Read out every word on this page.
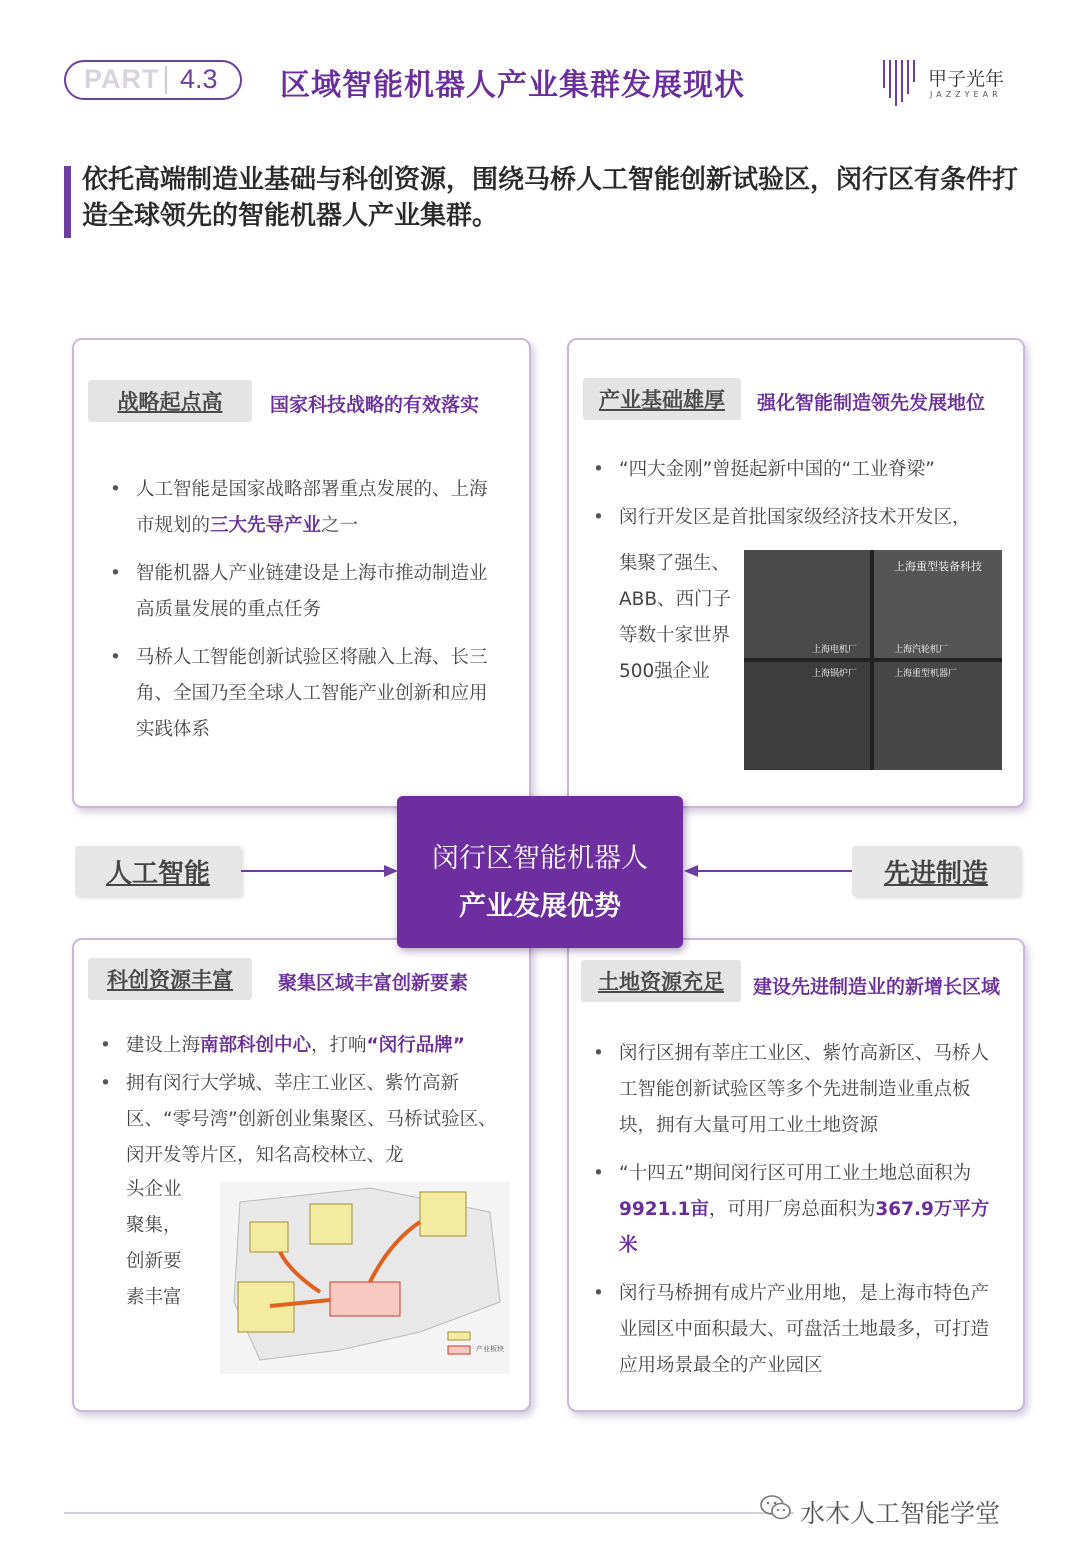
PART 4.3 区域智能机器人产业集群发展现状	甲子光年
JAZZYEAR
依托高端制造业基础与科创资源，围绕马桥人工智能创新试验区，闵行区有条件打造全球领先的智能机器人产业集群。
战略起点高	国家科技战略的有效落实
• 人工智能是国家战略部署重点发展的、上海市规划的三大先导产业之一
• 智能机器人产业链建设是上海市推动制造业高质量发展的重点任务
• 马桥人工智能创新试验区将融入上海、长三角、全国乃至全球人工智能产业创新和应用实践体系
产业基础雄厚	强化智能制造领先发展地位
• “四大金刚”曾挺起新中国的“工业脊梁”
• 闵行开发区是首批国家级经济技术开发区，
集聚了强生、ABB、西门子等数十家世界500强企业
上海重型装备科技
上海电机厂	上海汽轮机厂
上海锅炉厂	上海重型机器厂
科创资源丰富	聚集区域丰富创新要素
• 建设上海南部科创中心，打响“闵行品牌”
• 拥有闵行大学城、莘庄工业区、紫竹高新区、“零号湾”创新创业集聚区、马桥试验区、闵开发等片区，知名高校林立、龙
头企业聚集，创新要素丰富
产业板块
土地资源充足	建设先进制造业的新增长区域
• 闵行区拥有莘庄工业区、紫竹高新区、马桥人工智能创新试验区等多个先进制造业重点板块，拥有大量可用工业土地资源
• “十四五”期间闵行区可用工业土地总面积为9921.1亩，可用厂房总面积为367.9万平方米
• 闵行马桥拥有成片产业用地，是上海市特色产业园区中面积最大、可盘活土地最多，可打造应用场景最全的产业园区
人工智能	先进制造
闵行区智能机器人
产业发展优势
水木人工智能学堂
